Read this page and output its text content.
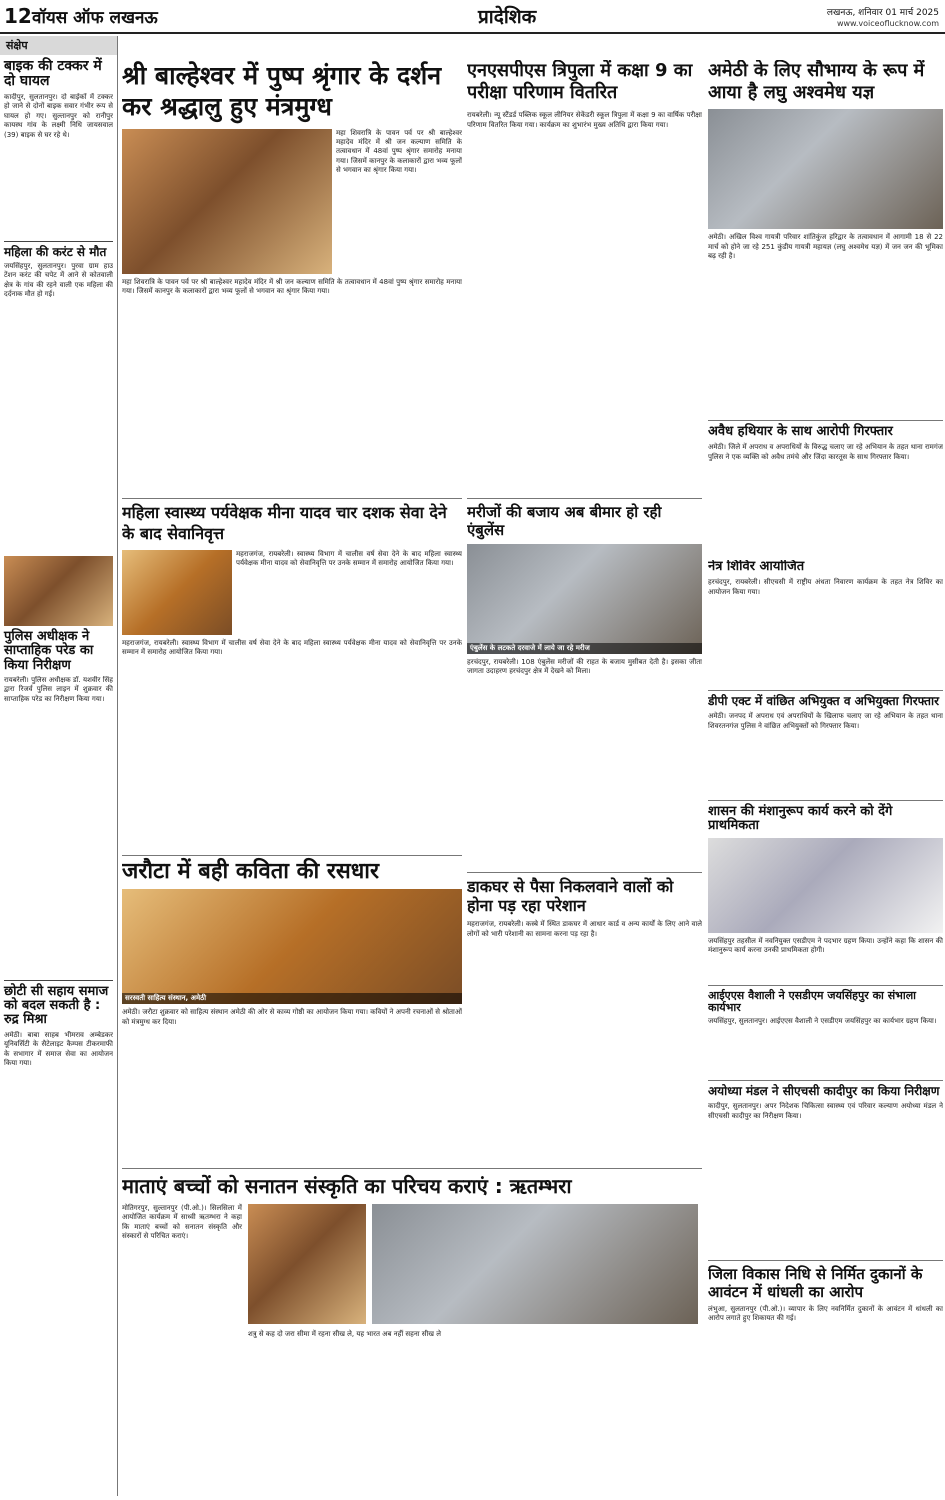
12 वॉयस ऑफ लखनऊ	प्रादेशिक	लखनऊ, शनिवार 01 मार्च 2025
www.voiceoflucknow.com
संक्षेप
बाइक की टक्कर में दो घायल
कादीपुर, सुलतानपुर। दो बाईकों में टक्कर हो जाने से दोनों बाइक सवार गंभीर रूप से घायल हो गए। सुल्तानपुर को रानीपुर कायस्थ गांव के लक्ष्मी निधि जायसवाल (39) बाइक से घर रहे थे।
महिला की करंट से मौत
जयसिंहपुर, सुलतानपुर। पुरवा ग्राम हाउ टेंशन करंट की चपेट में आने से कोतवाली क्षेत्र के गांव की रहने वाली एक महिला की दर्दनाक मौत हो गई।
पुलिस अधीक्षक ने साप्ताहिक परेड का किया निरीक्षण
रायबरेली। पुलिस अधीक्षक डॉ. यशवीर सिंह द्वारा रिजर्व पुलिस लाइन में शुक्रवार की साप्ताहिक परेड का निरीक्षण किया गया।
छोटी सी सहाय समाज को बदल सकती है : रुद्र मिश्रा
अमेठी। बाबा साहब भीमराव अम्बेडकर यूनिवर्सिटी के सैटेलाइट कैम्पस टीकरमाफी के सभागार में समाज सेवा का आयोजन किया गया।
श्री बाल्हेश्वर में पुष्प श्रृंगार के दर्शन कर श्रद्धालु हुए मंत्रमुग्ध
महा शिवरात्रि के पावन पर्व पर श्री बाल्हेश्वर महादेव मंदिर में श्री जन कल्याण समिति के तत्वावधान में 48वां पुष्प श्रृंगार समारोह मनाया गया। जिसमें कानपुर के कलाकारों द्वारा भव्य फूलों से भगवान का श्रृंगार किया गया।
महा शिवरात्रि के पावन पर्व पर श्री बाल्हेश्वर महादेव मंदिर में श्री जन कल्याण समिति के तत्वावधान में 48वां पुष्प श्रृंगार समारोह मनाया गया। जिसमें कानपुर के कलाकारों द्वारा भव्य फूलों से भगवान का श्रृंगार किया गया।
एनएसपीएस त्रिपुला में कक्षा 9 का परीक्षा परिणाम वितरित
रायबरेली। न्यू स्टैंडर्ड पब्लिक स्कूल लीनियर सेकेंडरी स्कूल त्रिपुला में कक्षा 9 का वार्षिक परीक्षा परिणाम वितरित किया गया। कार्यक्रम का शुभारंभ मुख्य अतिथि द्वारा किया गया।
अमेठी के लिए सौभाग्य के रूप में आया है लघु अश्वमेध यज्ञ
अमेठी। अखिल विश्व गायत्री परिवार शांतिकुंज हरिद्वार के तत्वावधान में आगामी 18 से 22 मार्च को होने जा रहे 251 कुंडीय गायत्री महायज्ञ (लघु अश्वमेध यज्ञ) में जन जन की भूमिका बढ़ रही है।
महिला स्वास्थ्य पर्यवेक्षक मीना यादव चार दशक सेवा देने के बाद सेवानिवृत्त
महराजगंज, रायबरेली। स्वास्थ्य विभाग में चालीस वर्ष सेवा देने के बाद महिला स्वास्थ्य पर्यवेक्षक मीना यादव को सेवानिवृत्ति पर उनके सम्मान में समारोह आयोजित किया गया।
महराजगंज, रायबरेली। स्वास्थ्य विभाग में चालीस वर्ष सेवा देने के बाद महिला स्वास्थ्य पर्यवेक्षक मीना यादव को सेवानिवृत्ति पर उनके सम्मान में समारोह आयोजित किया गया।
मरीजों की बजाय अब बीमार हो रही एंबुलेंस
एंबुलेंस के लटकते दरवाजे में लाये जा रहे मरीज
हरचंदपुर, रायबरेली। 108 एंबुलेंस मरीजों की राहत के बजाय मुसीबत देती है। इसका जीता जागता उदाहरण हरचंदपुर क्षेत्र में देखने को मिला।
नेत्र शिविर आयोजित
हरचंदपुर, रायबरेली। सीएचसी में राष्ट्रीय अंधता निवारण कार्यक्रम के तहत नेत्र शिविर का आयोजन किया गया।
अवैध हथियार के साथ आरोपी गिरफ्तार
अमेठी। जिले में अपराध व अपराधियों के विरुद्ध चलाए जा रहे अभियान के तहत थाना रामगंज पुलिस ने एक व्यक्ति को अवैध तमंचे और जिंदा कारतूस के साथ गिरफ्तार किया।
डीपी एक्ट में वांछित अभियुक्त व अभियुक्ता गिरफ्तार
अमेठी। जनपद में अपराध एवं अपराधियों के खिलाफ चलाए जा रहे अभियान के तहत थाना शिवरतनगंज पुलिस ने वांछित अभियुक्तों को गिरफ्तार किया।
शासन की मंशानुरूप कार्य करने को देंगे प्राथमिकता
जयसिंहपुर तहसील में नवनियुक्त एसडीएम ने पदभार ग्रहण किया। उन्होंने कहा कि शासन की मंशानुरूप कार्य करना उनकी प्राथमिकता होगी।
आईएएस वैशाली ने एसडीएम जयसिंहपुर का संभाला कार्यभार
जयसिंहपुर, सुलतानपुर। आईएएस वैशाली ने एसडीएम जयसिंहपुर का कार्यभार ग्रहण किया।
अयोध्या मंडल ने सीएचसी कादीपुर का किया निरीक्षण
कादीपुर, सुलतानपुर। अपर निदेशक चिकित्सा स्वास्थ्य एवं परिवार कल्याण अयोध्या मंडल ने सीएचसी कादीपुर का निरीक्षण किया।
जिला विकास निधि से निर्मित दुकानों के आवंटन में धांधली का आरोप
लंभुआ, सुलतानपुर (पी.ओ.)। व्यापार के लिए नवनिर्मित दुकानों के आवंटन में धांधली का आरोप लगाते हुए शिकायत की गई।
जरौटा में बही कविता की रसधार
सरस्वती साहित्य संस्थान, अमेठी
अमेठी। जरौटा शुक्रवार को साहित्य संस्थान अमेठी की ओर से काव्य गोष्ठी का आयोजन किया गया। कवियों ने अपनी रचनाओं से श्रोताओं को मंत्रमुग्ध कर दिया।
डाकघर से पैसा निकलवाने वालों को होना पड़ रहा परेशान
महराजगंज, रायबरेली। कस्बे में स्थित डाकघर में आधार कार्ड व अन्य कार्यों के लिए आने वाले लोगों को भारी परेशानी का सामना करना पड़ रहा है।
माताएं बच्चों को सनातन संस्कृति का परिचय कराएं : ऋतम्भरा
मोतिगरपुर, सुल्तानपुर (पी.ओ.)। सिलसिला में आयोजित कार्यक्रम में साध्वी ऋतम्भरा ने कहा कि माताएं बच्चों को सनातन संस्कृति और संस्कारों से परिचित कराएं।
शत्रु से कह दो जरा सीमा में रहना सीख ले, यह भारत अब नहीं सहना सीख ले
